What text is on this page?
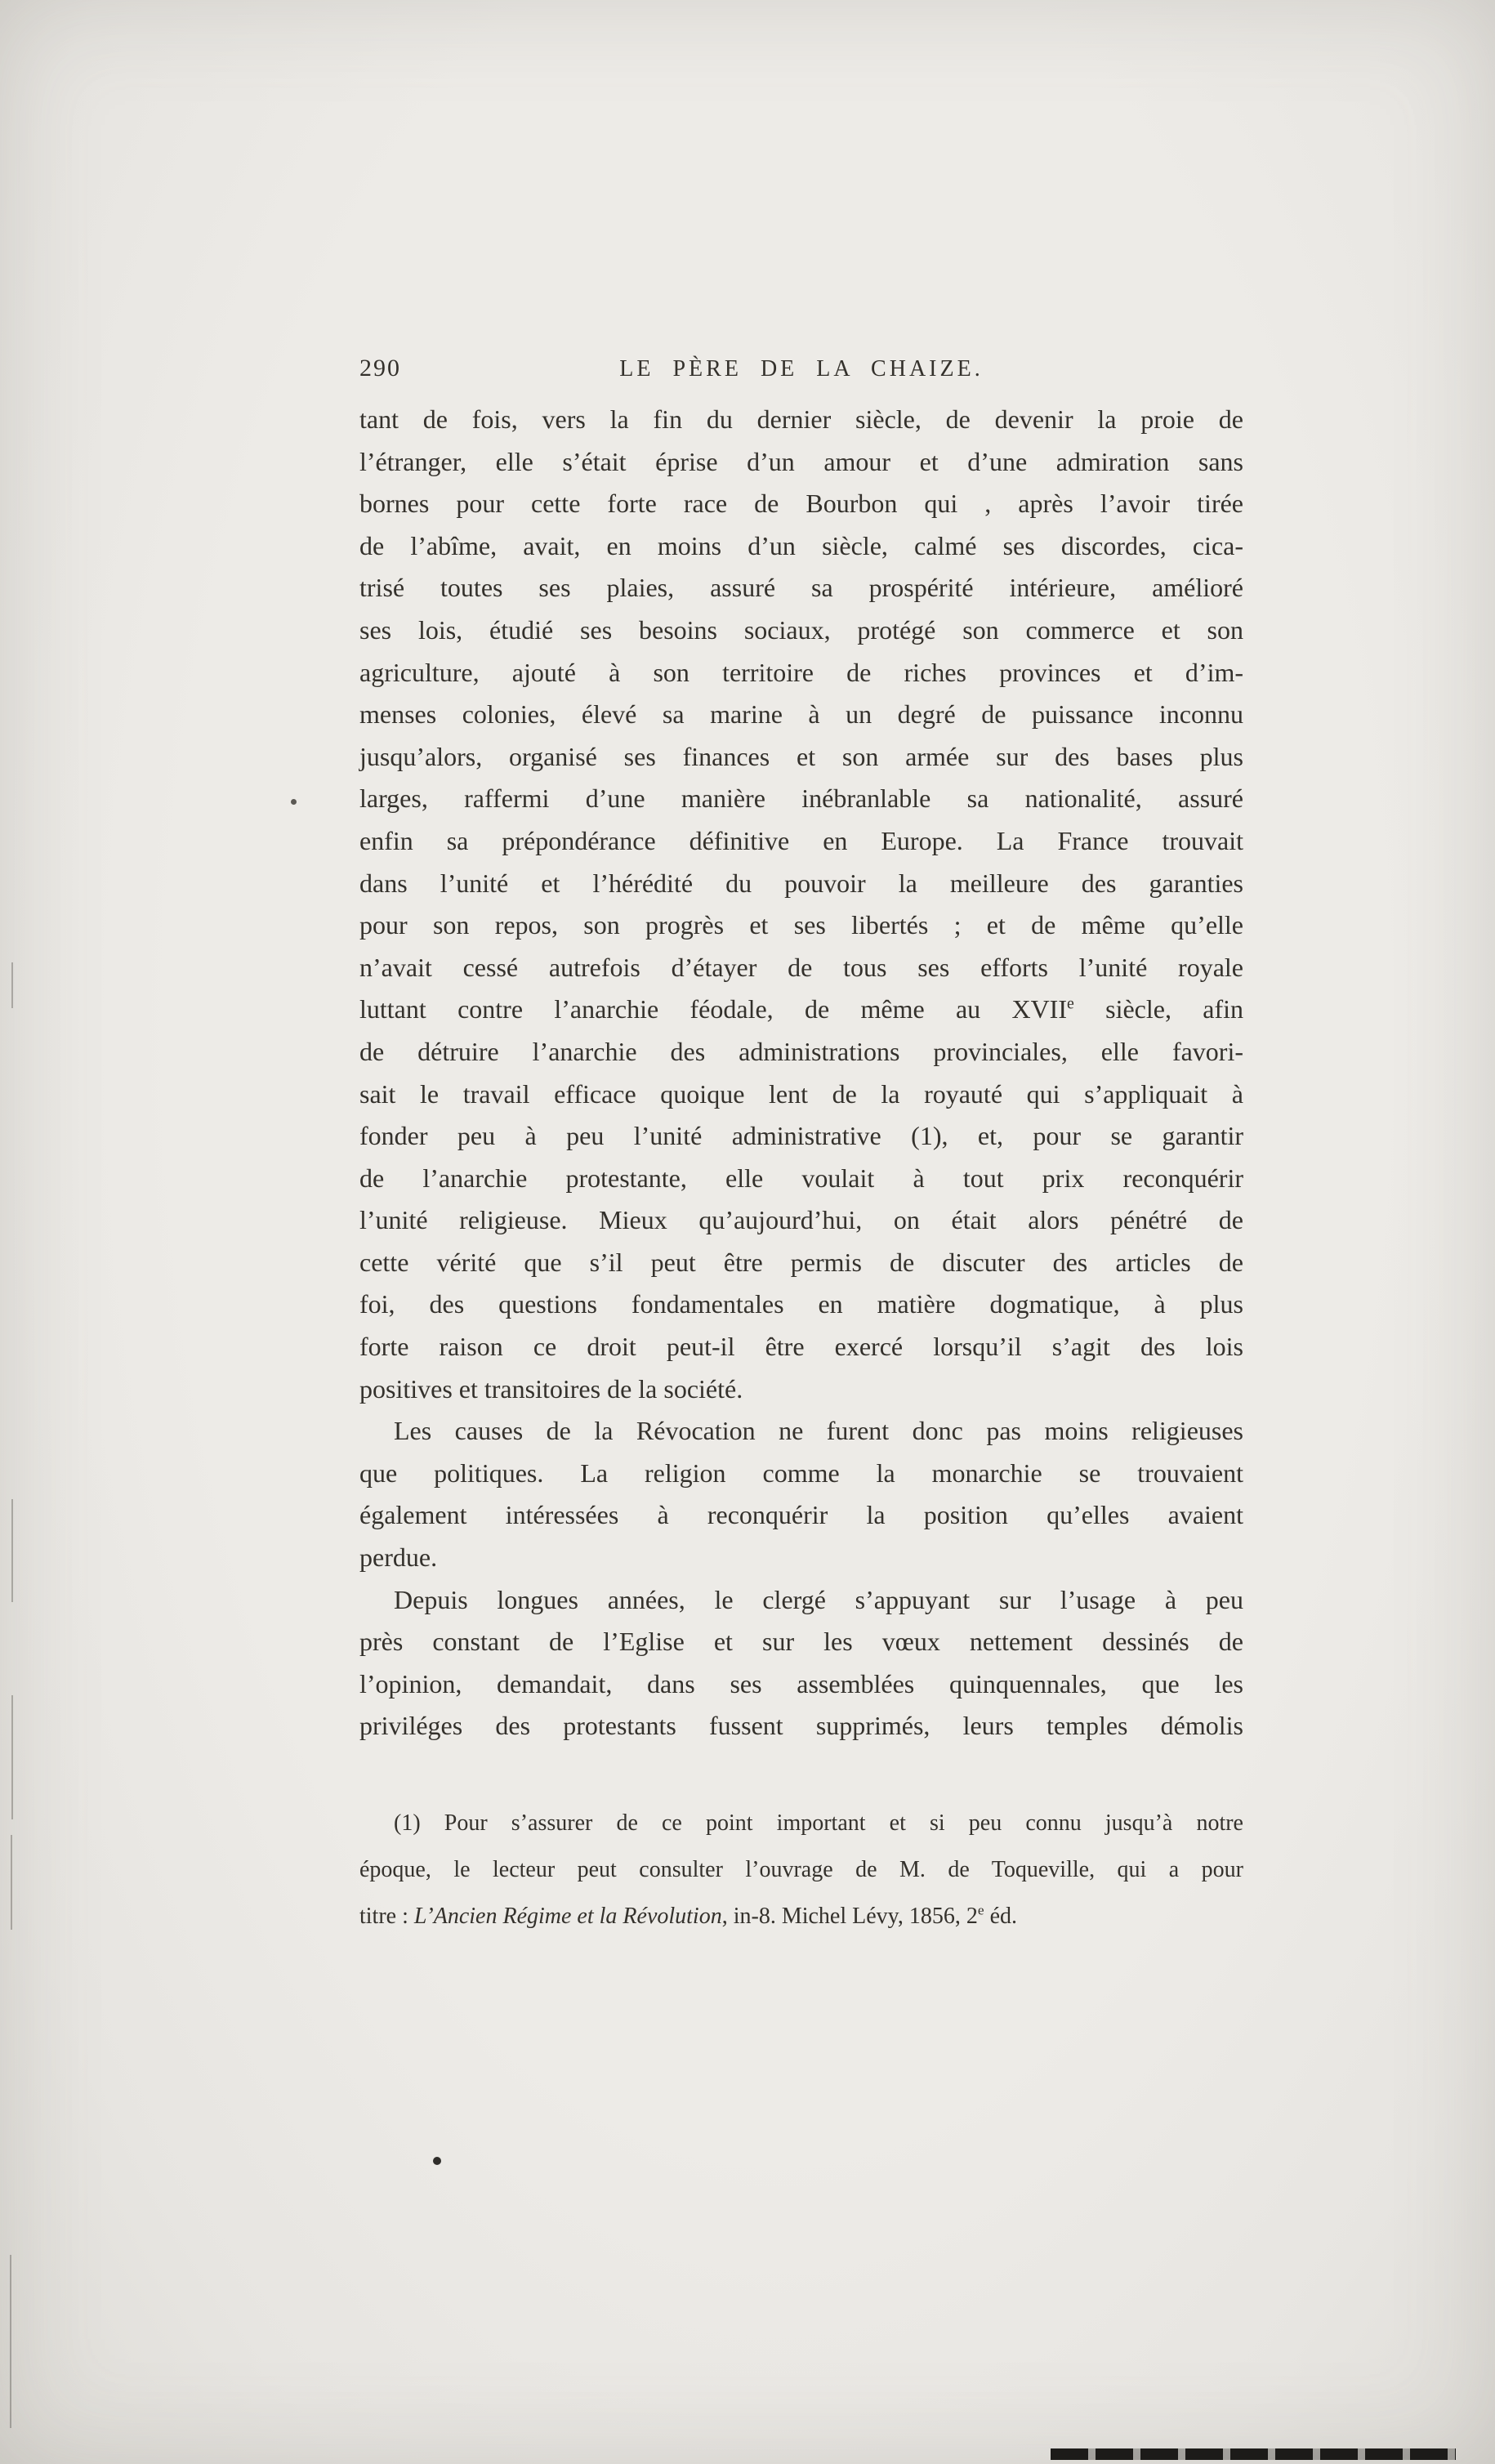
290	LE PÈRE DE LA CHAIZE.
tant de fois, vers la fin du dernier siècle, de devenir la proie de
l’étranger, elle s’était éprise d’un amour et d’une admiration sans
bornes pour cette forte race de Bourbon qui , après l’avoir tirée
de l’abîme, avait, en moins d’un siècle, calmé ses discordes, cica-
trisé toutes ses plaies, assuré sa prospérité intérieure, amélioré
ses lois, étudié ses besoins sociaux, protégé son commerce et son
agriculture, ajouté à son territoire de riches provinces et d’im-
menses colonies, élevé sa marine à un degré de puissance inconnu
jusqu’alors, organisé ses finances et son armée sur des bases plus
larges, raffermi d’une manière inébranlable sa nationalité, assuré
enfin sa prépondérance définitive en Europe. La France trouvait
dans l’unité et l’hérédité du pouvoir la meilleure des garanties
pour son repos, son progrès et ses libertés ; et de même qu’elle
n’avait cessé autrefois d’étayer de tous ses efforts l’unité royale
luttant contre l’anarchie féodale, de même au XVIIe siècle, afin
de détruire l’anarchie des administrations provinciales, elle favori-
sait le travail efficace quoique lent de la royauté qui s’appliquait à
fonder peu à peu l’unité administrative (1), et, pour se garantir
de l’anarchie protestante, elle voulait à tout prix reconquérir
l’unité religieuse. Mieux qu’aujourd’hui, on était alors pénétré de
cette vérité que s’il peut être permis de discuter des articles de
foi, des questions fondamentales en matière dogmatique, à plus
forte raison ce droit peut-il être exercé lorsqu’il s’agit des lois
positives et transitoires de la société.
Les causes de la Révocation ne furent donc pas moins religieuses
que politiques. La religion comme la monarchie se trouvaient
également intéressées à reconquérir la position qu’elles avaient
perdue.
Depuis longues années, le clergé s’appuyant sur l’usage à peu
près constant de l’Eglise et sur les vœux nettement dessinés de
l’opinion, demandait, dans ses assemblées quinquennales, que les
priviléges des protestants fussent supprimés, leurs temples démolis
(1) Pour s’assurer de ce point important et si peu connu jusqu’à notre
époque, le lecteur peut consulter l’ouvrage de M. de Toqueville, qui a pour
titre : L’Ancien Régime et la Révolution, in-8. Michel Lévy, 1856, 2e éd.
